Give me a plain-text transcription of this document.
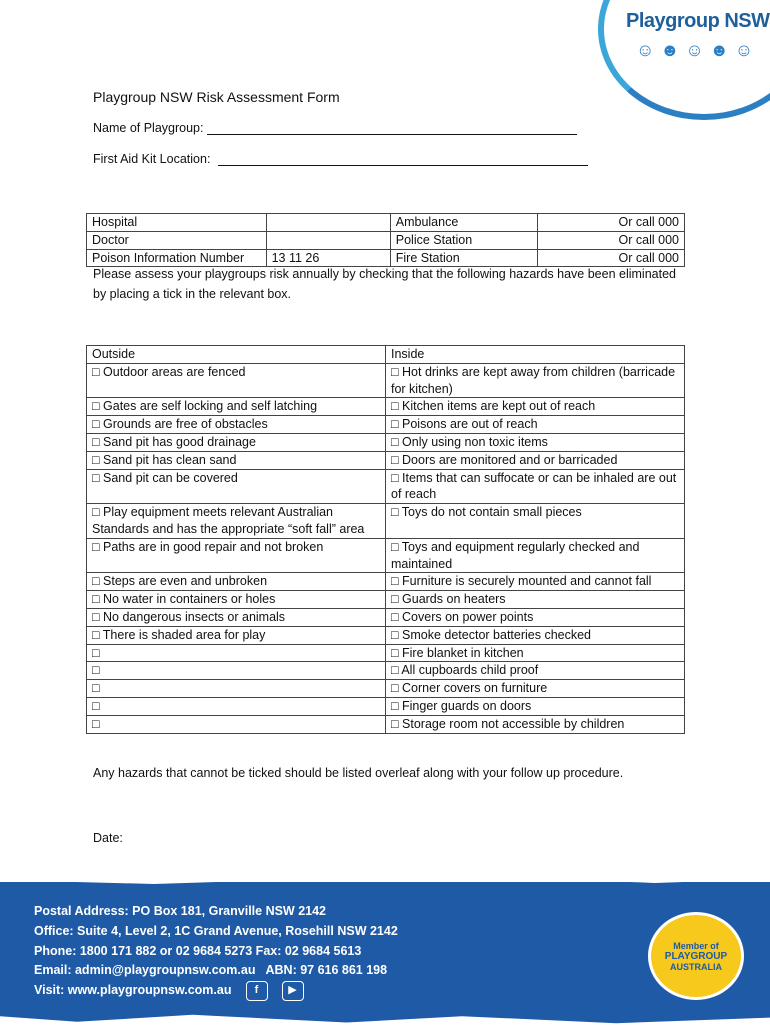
Playgroup NSW
☺ ☻ ☺ ☻ ☺
Playgroup NSW Risk Assessment Form
Name of Playgroup:
First Aid Kit Location:
Hospital		Ambulance	Or call 000
Doctor		Police Station	Or call 000
Poison Information Number	13 11 26	Fire Station	Or call 000
Please assess your playgroups risk annually by checking that the following hazards have been eliminated by placing a tick in the relevant box.
Outside	Inside
□ Outdoor areas are fenced	□ Hot drinks are kept away from children (barricade for kitchen)
□ Gates are self locking and self latching	□ Kitchen items are kept out of reach
□ Grounds are free of obstacles	□ Poisons are out of reach
□ Sand pit has good drainage	□ Only using non toxic items
□ Sand pit has clean sand	□ Doors are monitored and or barricaded
□ Sand pit can be covered	□ Items that can suffocate or can be inhaled are out of reach
□ Play equipment meets relevant Australian Standards and has the appropriate “soft fall” area	□ Toys do not contain small pieces
□ Paths are in good repair and not broken	□ Toys and equipment regularly checked and maintained
□ Steps are even and unbroken	□ Furniture is securely mounted and cannot fall
□ No water in containers or holes	□ Guards on heaters
□ No dangerous insects or animals	□ Covers on power points
□ There is shaded area for play	□ Smoke detector batteries checked
□	□ Fire blanket in kitchen
□	□ All cupboards child proof
□	□ Corner covers on furniture
□	□ Finger guards on doors
□	□ Storage room not accessible by children
Any hazards that cannot be ticked should be listed overleaf along with your follow up procedure.
Date:
Postal Address: PO Box 181, Granville NSW 2142
Office: Suite 4, Level 2, 1C Grand Avenue, Rosehill NSW 2142
Phone: 1800 171 882 or 02 9684 5273 Fax: 02 9684 5613
Email: admin@playgroupnsw.com.au ABN: 97 616 861 198
Visit: www.playgroupnsw.com.au	f	▶
Member of
PLAYGROUP
AUSTRALIA
